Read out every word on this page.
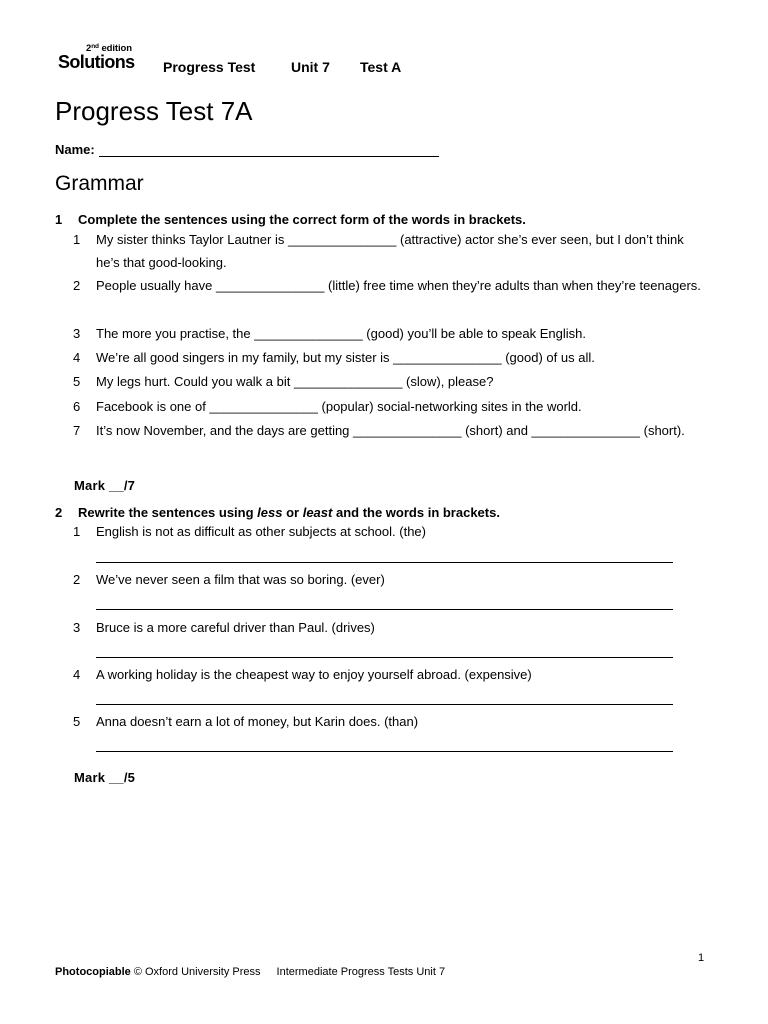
2nd edition
Solutions Progress Test	Unit 7 Test A
Progress Test 7A
Name:
Grammar
1 Complete the sentences using the correct form of the words in brackets.
1 My sister thinks Taylor Lautner is _______________ (attractive) actor she’s ever seen, but I don’t think he’s that good-looking.
2 People usually have _______________ (little) free time when they’re adults than when they’re teenagers.
3 The more you practise, the _______________ (good) you’ll be able to speak English.
4 We’re all good singers in my family, but my sister is _______________ (good) of us all.
5 My legs hurt. Could you walk a bit _______________ (slow), please?
6 Facebook is one of _______________ (popular) social-networking sites in the world.
7 It’s now November, and the days are getting _______________ (short) and _______________ (short).
Mark __/7
2 Rewrite the sentences using less or least and the words in brackets.
1 English is not as difficult as other subjects at school. (the)
2 We’ve never seen a film that was so boring. (ever)
3 Bruce is a more careful driver than Paul. (drives)
4 A working holiday is the cheapest way to enjoy yourself abroad. (expensive)
5 Anna doesn’t earn a lot of money, but Karin does. (than)
Mark __/5
1
Photocopiable © Oxford University Press Intermediate Progress Tests Unit 7
